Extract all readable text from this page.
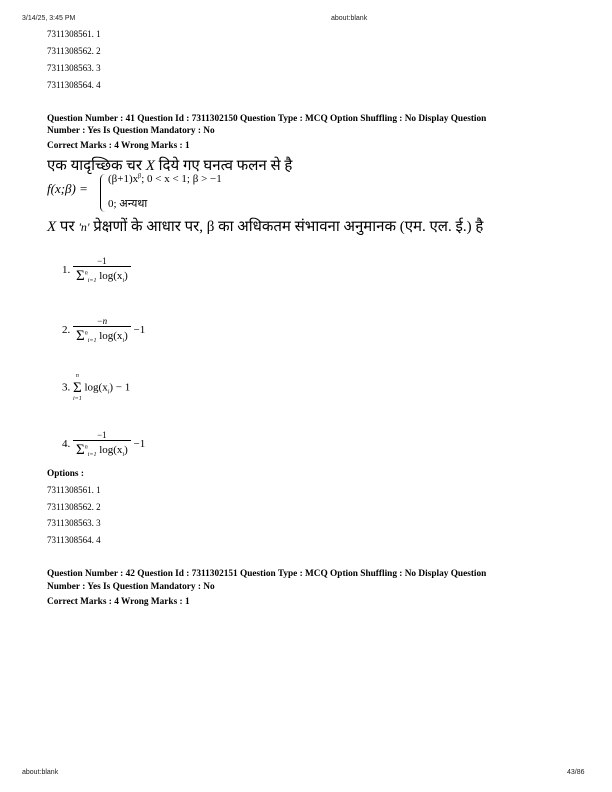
3/14/25, 3:45 PM	about:blank
7311308561. 1
7311308562. 2
7311308563. 3
7311308564. 4
Question Number : 41 Question Id : 7311302150 Question Type : MCQ Option Shuffling : No Display Question
Number : Yes Is Question Mandatory : No
Correct Marks : 4 Wrong Marks : 1
एक यादृच्छिक चर X दिये गए घनत्व फलन से है
f(x;β) =
$(\beta+1)x^\beta$; 0 < x < 1; β > −1
0; अन्यथा
X पर 'n' प्रेक्षणों के आधार पर, β का अधिकतम संभावना अनुमानक (एम. एल. ई.) है
1. $\frac{-1}{\Sigma^n_{i=1} \log(x_i)}$
2. $\frac{-n}{\Sigma^n_{i=1} \log(x_i)} -1$
3.
n
Σ
i=1
$\log(x_i) - 1$
4. $\frac{-1}{\Sigma^n_{i=1} \log(x_i)} -1$
Options :
7311308561. 1
7311308562. 2
7311308563. 3
7311308564. 4
Question Number : 42 Question Id : 7311302151 Question Type : MCQ Option Shuffling : No Display Question
Number : Yes Is Question Mandatory : No
Correct Marks : 4 Wrong Marks : 1
about:blank	43/86
